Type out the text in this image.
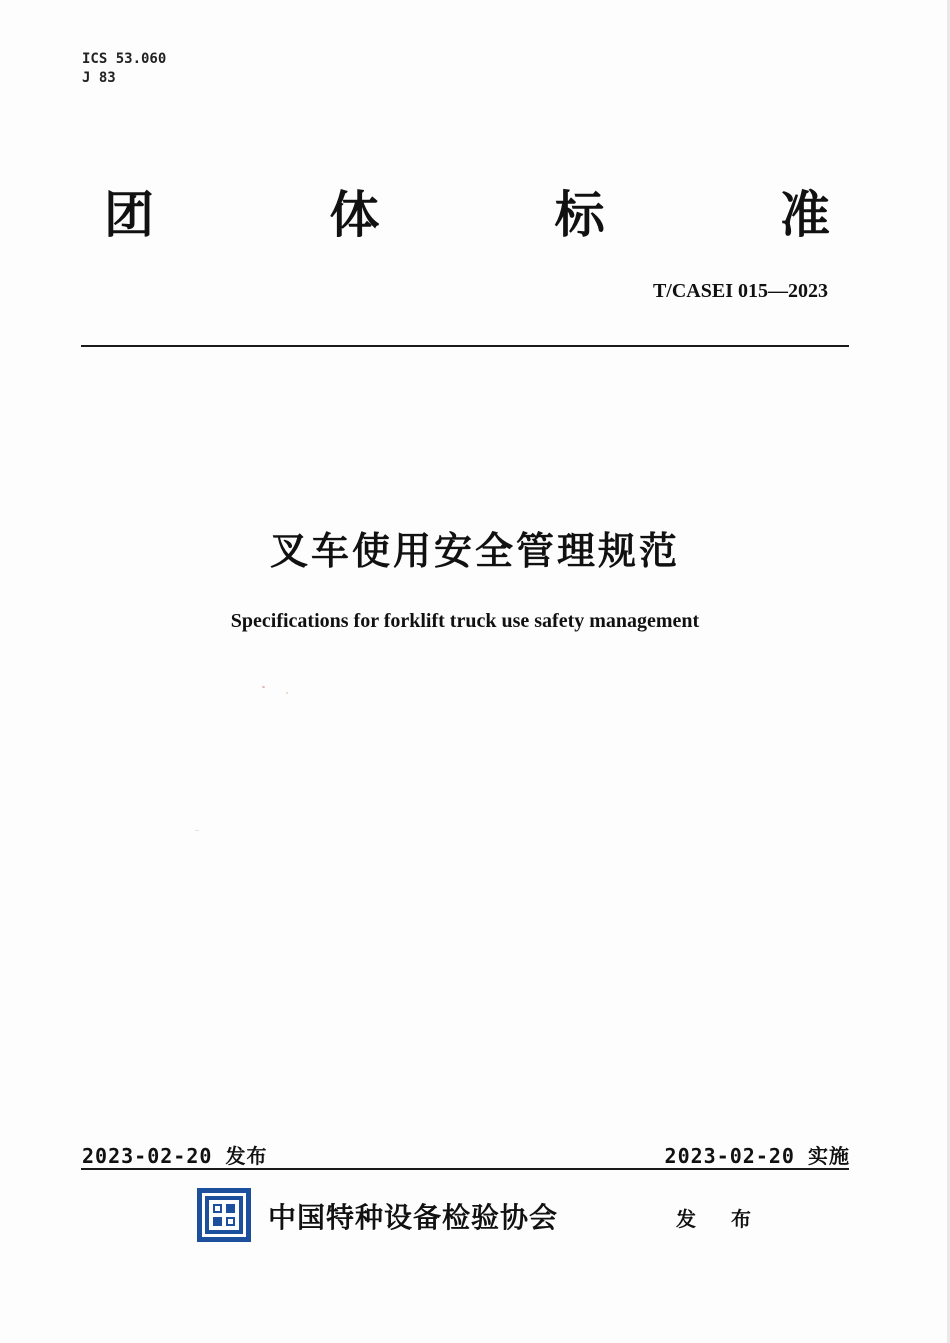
ICS 53.060
J 83
团	体	标	准
T/CASEI 015—2023
叉车使用安全管理规范
Specifications for forklift truck use safety management
2023-02-20 发布	2023-02-20 实施
中国特种设备检验协会	发 布
